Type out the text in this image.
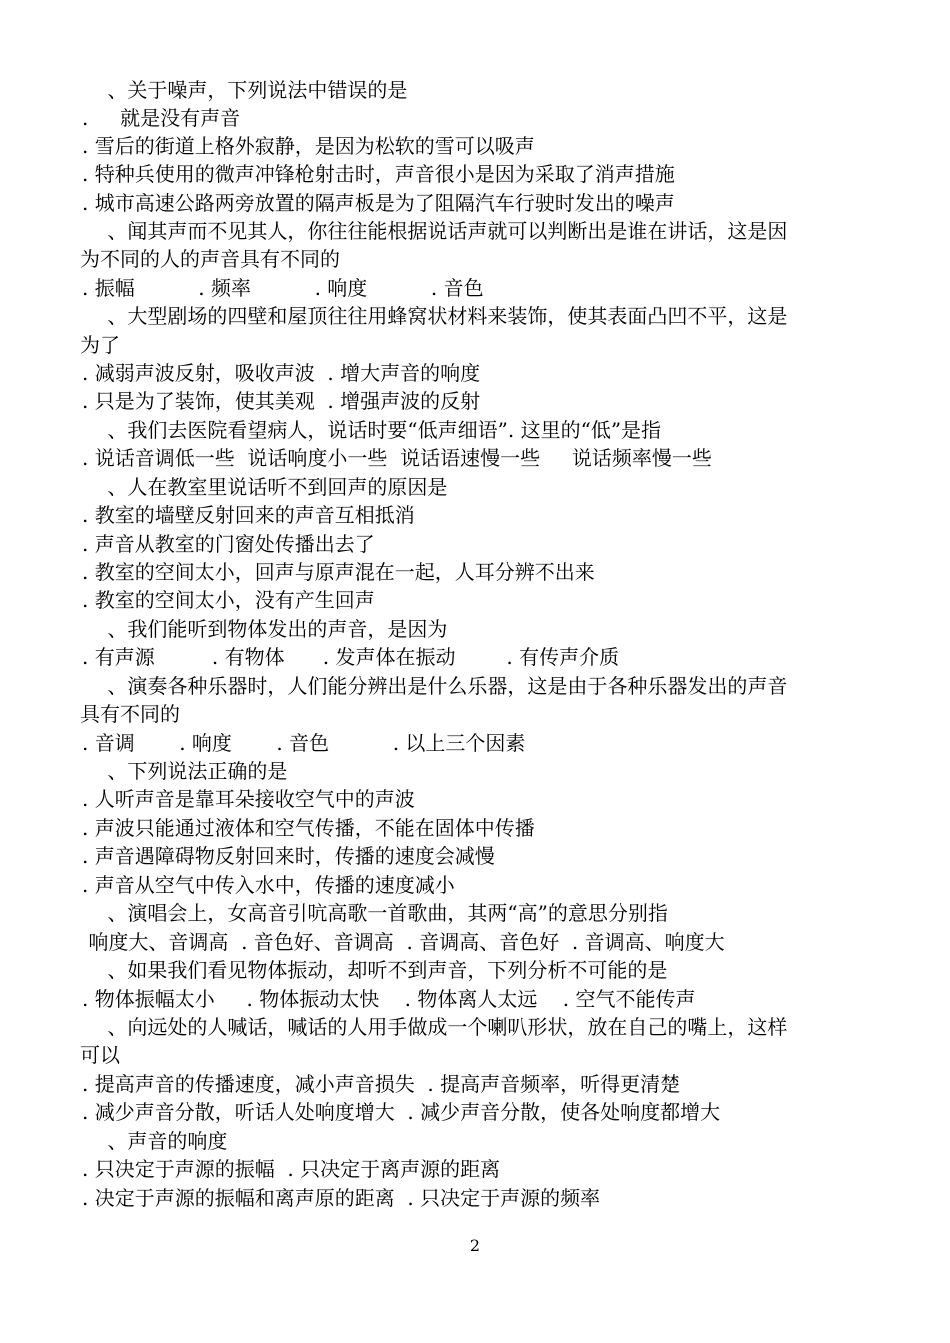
、关于噪声，下列说法中错误的是
.     就是没有声音
. 雪后的街道上格外寂静，是因为松软的雪可以吸声
. 特种兵使用的微声冲锋枪射击时，声音很小是因为采取了消声措施
. 城市高速公路两旁放置的隔声板是为了阻隔汽车行驶时发出的噪声
、闻其声而不见其人，你往往能根据说话声就可以判断出是谁在讲话，这是因
为不同的人的声音具有不同的
. 振幅          . 频率          . 响度          . 音色
、大型剧场的四壁和屋顶往往用蜂窝状材料来装饰，使其表面凸凹不平，这是
为了
. 减弱声波反射，吸收声波  . 增大声音的响度
. 只是为了装饰，使其美观  . 增强声波的反射
、我们去医院看望病人，说话时要“低声细语”. 这里的“低”是指
. 说话音调低一些  说话响度小一些  说话语速慢一些     说话频率慢一些
、人在教室里说话听不到回声的原因是
. 教室的墙壁反射回来的声音互相抵消
. 声音从教室的门窗处传播出去了
. 教室的空间太小，回声与原声混在一起，人耳分辨不出来
. 教室的空间太小，没有产生回声
、我们能听到物体发出的声音，是因为
. 有声源         . 有物体      . 发声体在振动        . 有传声介质
、演奏各种乐器时，人们能分辨出是什么乐器，这是由于各种乐器发出的声音
具有不同的
. 音调       . 响度       . 音色          . 以上三个因素
、下列说法正确的是
. 人听声音是靠耳朵接收空气中的声波
. 声波只能通过液体和空气传播，不能在固体中传播
. 声音遇障碍物反射回来时，传播的速度会减慢
. 声音从空气中传入水中，传播的速度减小
、演唱会上，女高音引吭高歌一首歌曲，其两“高”的意思分别指
响度大、音调高  . 音色好、音调高  . 音调高、音色好  . 音调高、响度大
、如果我们看见物体振动，却听不到声音，下列分析不可能的是
. 物体振幅太小     . 物体振动太快    . 物体离人太远    . 空气不能传声
、向远处的人喊话，喊话的人用手做成一个喇叭形状，放在自己的嘴上，这样
可以
. 提高声音的传播速度，减小声音损失  . 提高声音频率，听得更清楚
. 减少声音分散，听话人处响度增大  . 减少声音分散，使各处响度都增大
、声音的响度
. 只决定于声源的振幅  . 只决定于离声源的距离
. 决定于声源的振幅和离声原的距离  . 只决定于声源的频率
2
